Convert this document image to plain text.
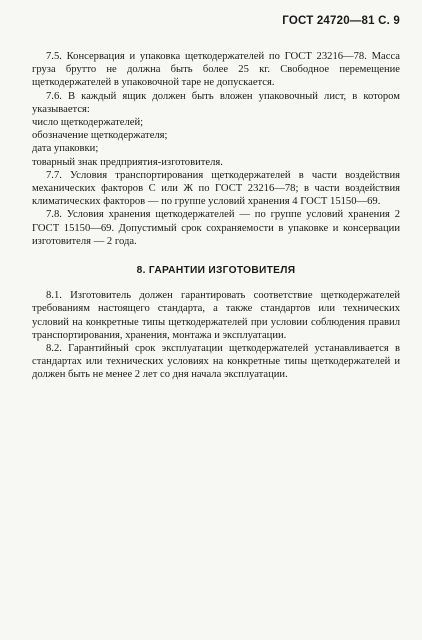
ГОСТ 24720—81 С. 9

7.5. Консервация и упаковка щеткодержателей по ГОСТ 23216—78. Масса груза брутто не должна быть более 25 кг. Свободное перемещение щеткодержателей в упаковочной таре не допускается.

7.6. В каждый ящик должен быть вложен упаковочный лист, в котором указывается:

число щеткодержателей;

обозначение щеткодержателя;

дата упаковки;

товарный знак предприятия-изготовителя.

7.7. Условия транспортирования щеткодержателей в части воздействия механических факторов С или Ж по ГОСТ 23216—78; в части воздействия климатических факторов — по группе условий хранения 4 ГОСТ 15150—69.

7.8. Условия хранения щеткодержателей — по группе условий хранения 2 ГОСТ 15150—69. Допустимый срок сохраняемости в упаковке и консервации изготовителя — 2 года.

8. ГАРАНТИИ ИЗГОТОВИТЕЛЯ

8.1. Изготовитель должен гарантировать соответствие щеткодержателей требованиям настоящего стандарта, а также стандартов или технических условий на конкретные типы щеткодержателей при условии соблюдения правил транспортирования, хранения, монтажа и эксплуатации.

8.2. Гарантийный срок эксплуатации щеткодержателей устанавливается в стандартах или технических условиях на конкретные типы щеткодержателей и должен быть не менее 2 лет со дня начала эксплуатации.
